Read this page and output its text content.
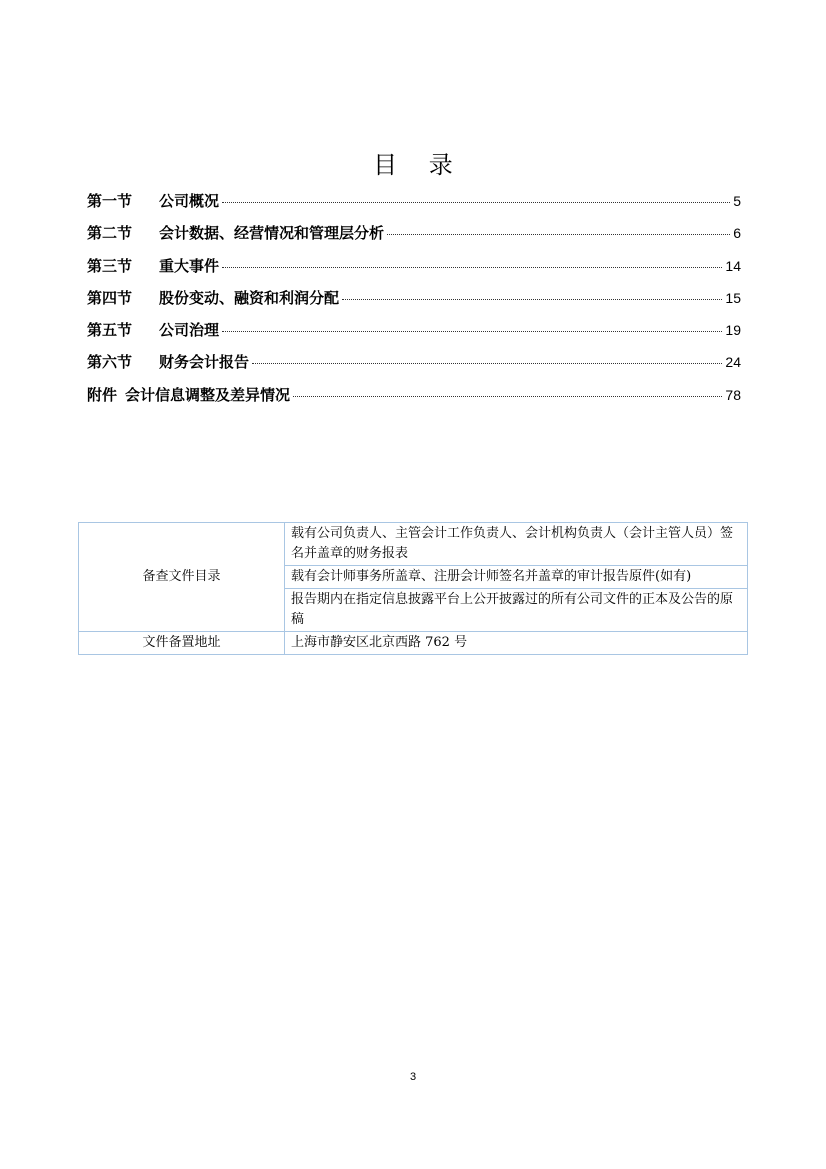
目 录
第一节	公司概况	5
第二节	会计数据、经营情况和管理层分析	6
第三节	重大事件	14
第四节	股份变动、融资和利润分配	15
第五节	公司治理	19
第六节	财务会计报告	24
附件 会计信息调整及差异情况	78
备查文件目录	载有公司负责人、主管会计工作负责人、会计机构负责人（会计主管人员）签名并盖章的财务报表
	载有会计师事务所盖章、注册会计师签名并盖章的审计报告原件(如有)
	报告期内在指定信息披露平台上公开披露过的所有公司文件的正本及公告的原稿
文件备置地址	上海市静安区北京西路 762 号
3
